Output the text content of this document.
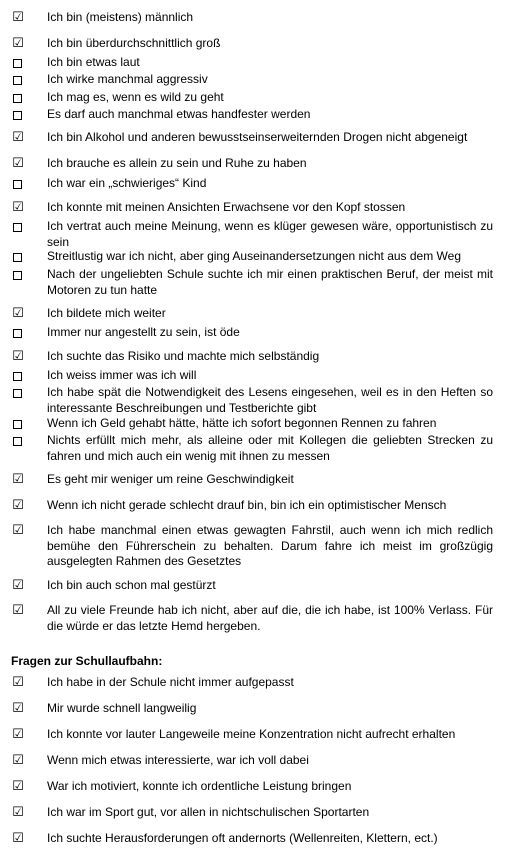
☑ Ich bin (meistens) männlich
☑ Ich bin überdurchschnittlich groß
Ich bin etwas laut
Ich wirke manchmal aggressiv
Ich mag es, wenn es wild zu geht
Es darf auch manchmal etwas handfester werden
☑ Ich bin Alkohol und anderen bewusstseinserweiternden Drogen nicht abgeneigt
☑ Ich brauche es allein zu sein und Ruhe zu haben
Ich war ein „schwieriges“ Kind
☑ Ich konnte mit meinen Ansichten Erwachsene vor den Kopf stossen
Ich vertrat auch meine Meinung, wenn es klüger gewesen wäre, opportunistisch zu sein
Streitlustig war ich nicht, aber ging Auseinandersetzungen nicht aus dem Weg
Nach der ungeliebten Schule suchte ich mir einen praktischen Beruf, der meist mit Motoren zu tun hatte
☑ Ich bildete mich weiter
Immer nur angestellt zu sein, ist öde
☑ Ich suchte das Risiko und machte mich selbständig
Ich weiss immer was ich will
Ich habe spät die Notwendigkeit des Lesens eingesehen, weil es in den Heften so interessante Beschreibungen und Testberichte gibt
Wenn ich Geld gehabt hätte, hätte ich sofort begonnen Rennen zu fahren
Nichts erfüllt mich mehr, als alleine oder mit Kollegen die geliebten Strecken zu fahren und mich auch ein wenig mit ihnen zu messen
☑ Es geht mir weniger um reine Geschwindigkeit
☑ Wenn ich nicht gerade schlecht drauf bin, bin ich ein optimistischer Mensch
☑ Ich habe manchmal einen etwas gewagten Fahrstil, auch wenn ich mich redlich bemühe den Führerschein zu behalten. Darum fahre ich meist im großzügig ausgelegten Rahmen des Gesetztes
☑ Ich bin auch schon mal gestürzt
☑ All zu viele Freunde hab ich nicht, aber auf die, die ich habe, ist 100% Verlass. Für die würde er das letzte Hemd hergeben.
Fragen zur Schullaufbahn:
☑ Ich habe in der Schule nicht immer aufgepasst
☑ Mir wurde schnell langweilig
☑ Ich konnte vor lauter Langeweile meine Konzentration nicht aufrecht erhalten
☑ Wenn mich etwas interessierte, war ich voll dabei
☑ War ich motiviert, konnte ich ordentliche Leistung bringen
☑ Ich war im Sport gut, vor allen in nichtschulischen Sportarten
☑ Ich suchte Herausforderungen oft andernorts (Wellenreiten, Klettern, ect.)
